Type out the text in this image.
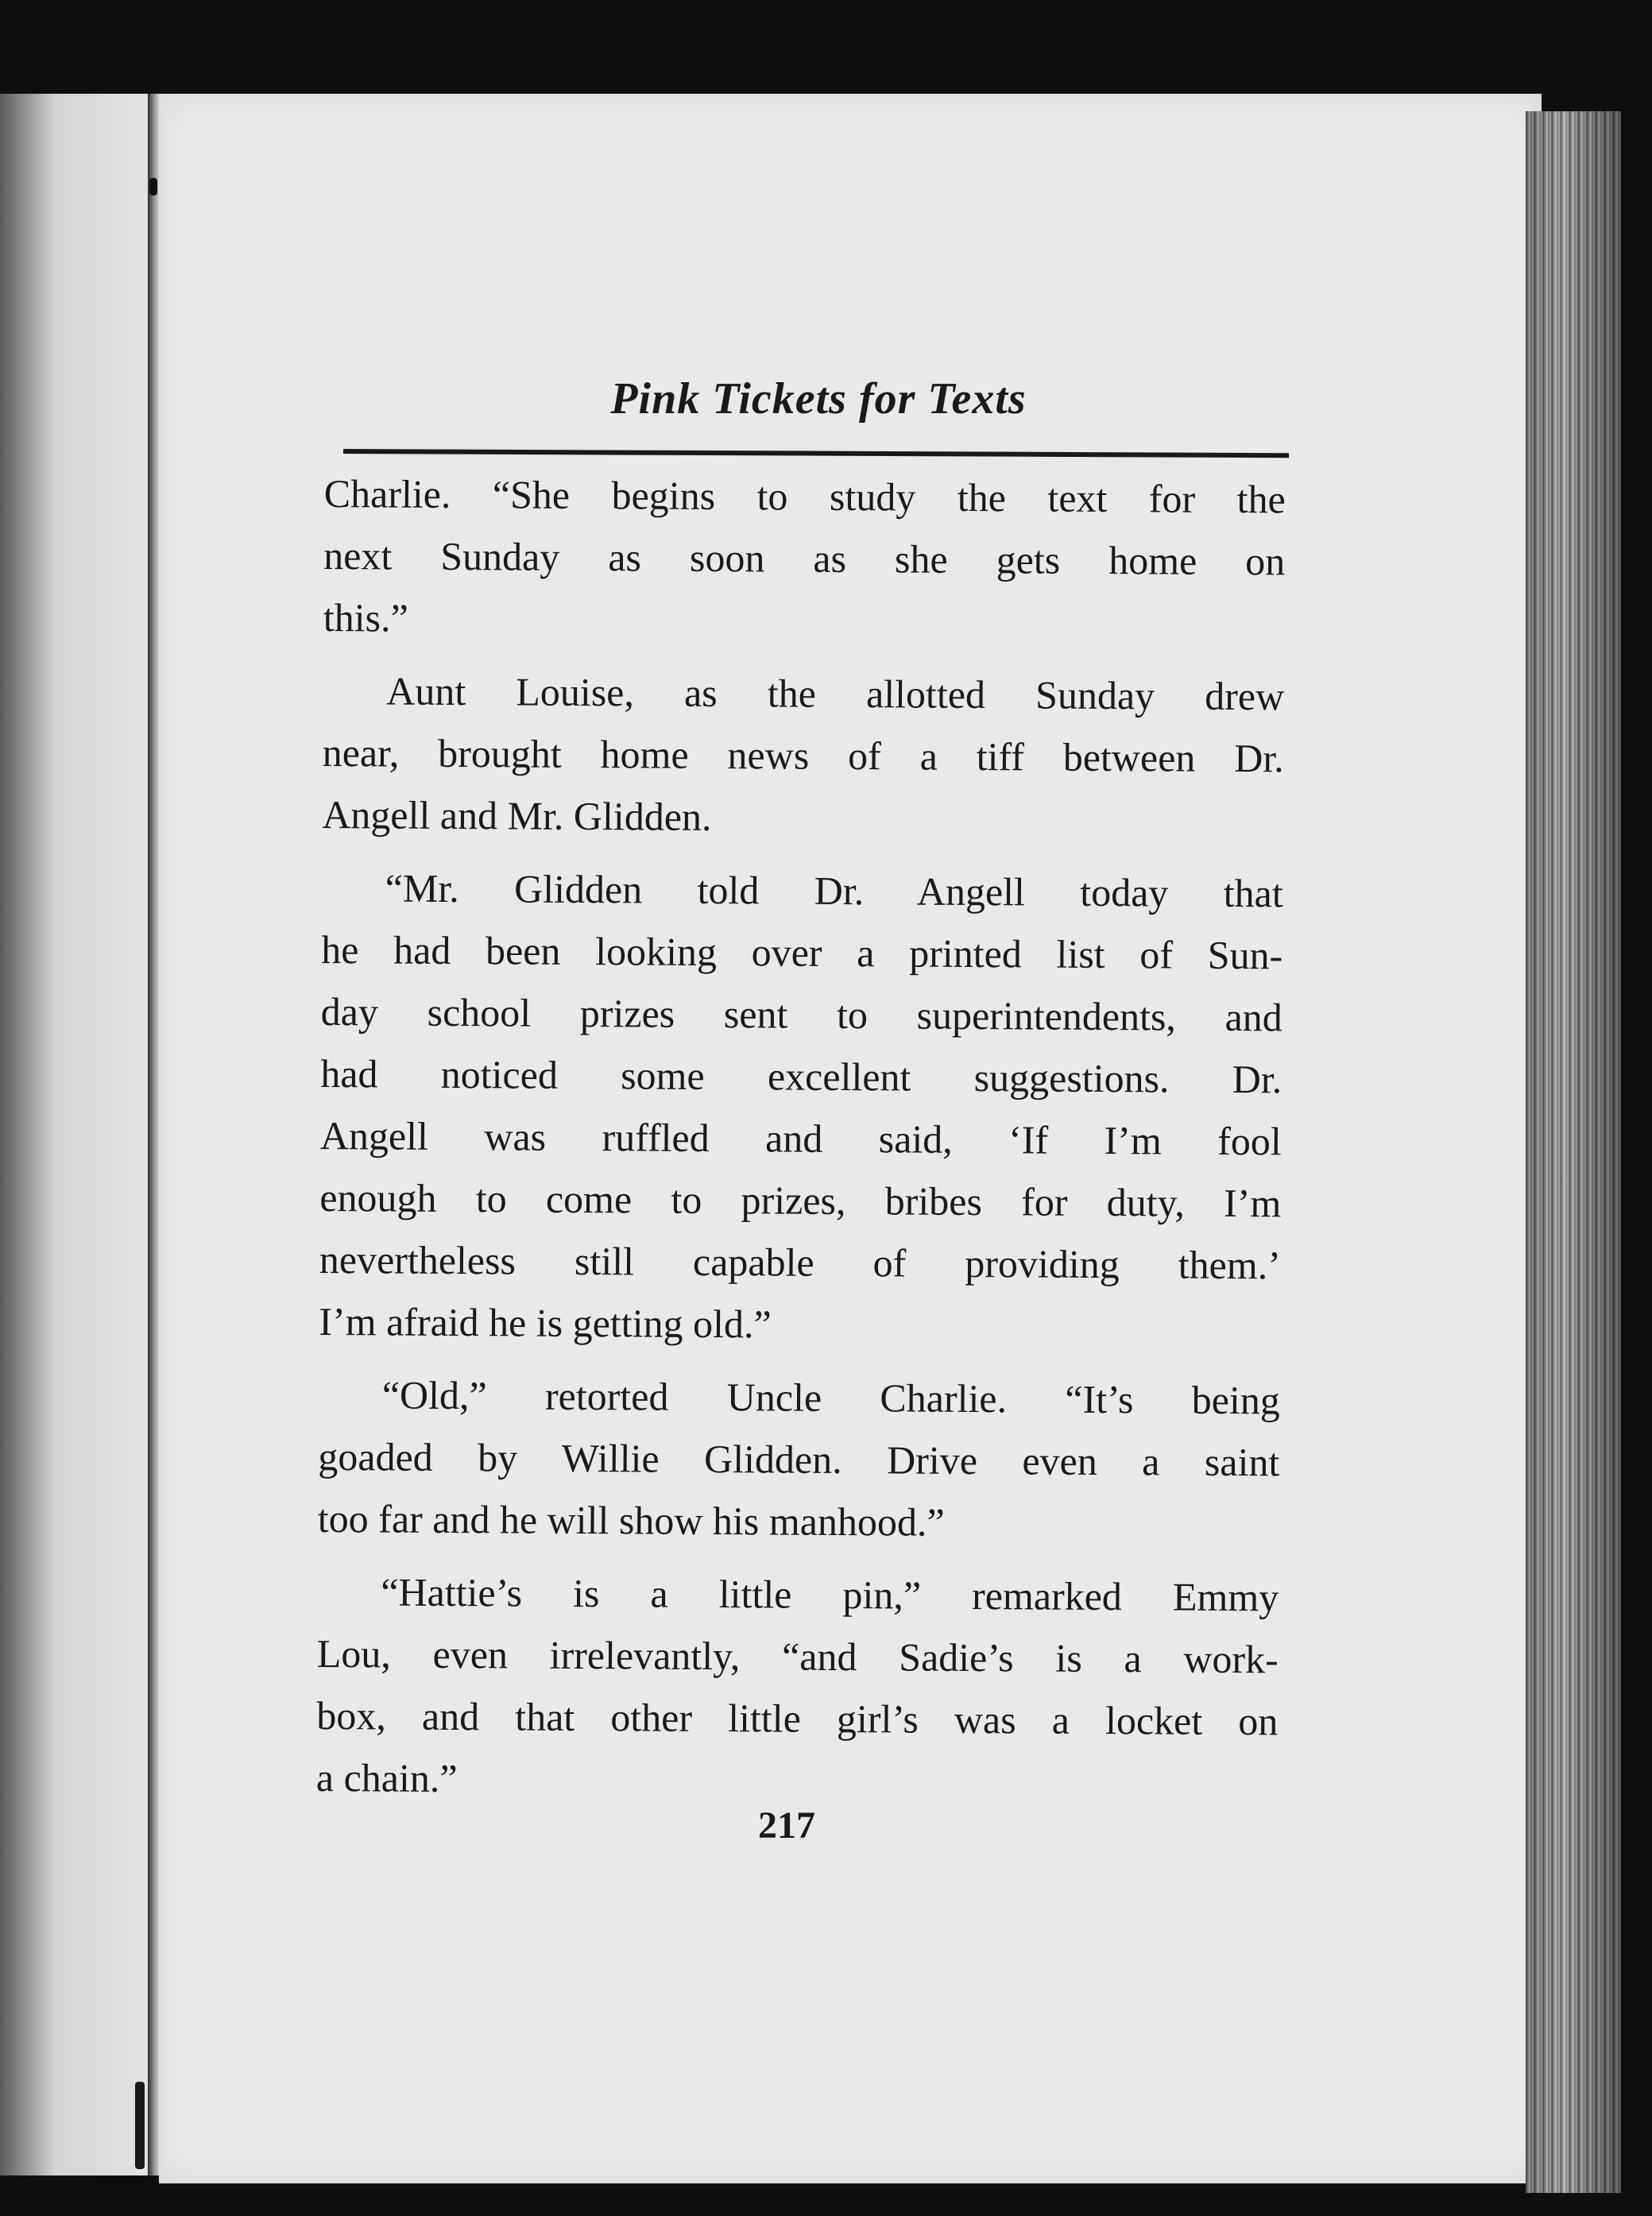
Pink Tickets for Texts
Charlie. “She begins to study the text for the
next Sunday as soon as she gets home on
this.”
Aunt Louise, as the allotted Sunday drew
near, brought home news of a tiff between Dr.
Angell and Mr. Glidden.
“Mr. Glidden told Dr. Angell today that
he had been looking over a printed list of Sun-
day school prizes sent to superintendents, and
had noticed some excellent suggestions. Dr.
Angell was ruffled and said, ‘If I’m fool
enough to come to prizes, bribes for duty, I’m
nevertheless still capable of providing them.’
I’m afraid he is getting old.”
“Old,” retorted Uncle Charlie. “It’s being
goaded by Willie Glidden. Drive even a saint
too far and he will show his manhood.”
“Hattie’s is a little pin,” remarked Emmy
Lou, even irrelevantly, “and Sadie’s is a work-
box, and that other little girl’s was a locket on
a chain.”
217
